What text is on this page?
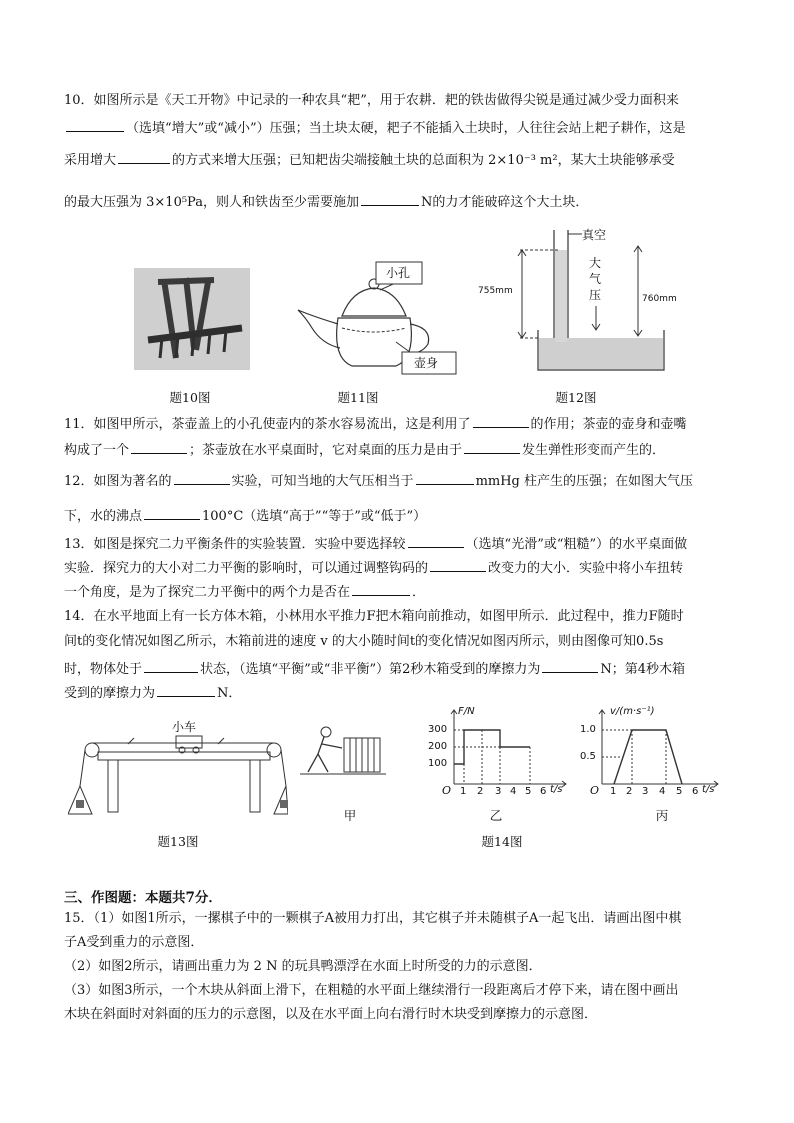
10．如图所示是《天工开物》中记录的一种农具“耙”，用于农耕．耙的铁齿做得尖锐是通过减少受力面积来
（选填“增大”或“减小”）压强；当土块太硬，耙子不能插入土块时，人往往会站上耙子耕作，这是
采用增大	的方式来增大压强；已知耙齿尖端接触土块的总面积为 2×10⁻³ m²，某大土块能够承受
的最大压强为 3×10⁵Pa，则人和铁齿至少需要施加	N的力才能破碎这个大土块．
题10图
小孔
壶身
题11图
真空
大
气
压
755mm
760mm
题12图
11．如图甲所示，茶壶盖上的小孔使壶内的茶水容易流出，这是利用了	的作用；茶壶的壶身和壶嘴
构成了一个	；茶壶放在水平桌面时，它对桌面的压力是由于	发生弹性形变而产生的．
12．如图为著名的	实验，可知当地的大气压相当于	mmHg 柱产生的压强；在如图大气压
下，水的沸点	100°C（选填“高于”“等于”或“低于”）
13．如图是探究二力平衡条件的实验装置．实验中要选择较	（选填“光滑”或“粗糙”）的水平桌面做
实验．探究力的大小对二力平衡的影响时，可以通过调整钩码的	改变力的大小．实验中将小车扭转
一个角度，是为了探究二力平衡中的两个力是否在	．
14．在水平地面上有一长方体木箱，小林用水平推力F把木箱向前推动，如图甲所示．此过程中，推力F随时
间t的变化情况如图乙所示，木箱前进的速度 v 的大小随时间t的变化情况如图丙所示，则由图像可知0.5s
时，物体处于	状态，（选填“平衡”或“非平衡”）第2秒木箱受到的摩擦力为	N；第4秒木箱
受到的摩擦力为	N．
小车
题13图
甲
F/N
300
200
100
O 1 2 3 4 5 6 t/s
乙
v/(m·s⁻¹)
1.0
0.5
O 1 2 3 4 5 6 t/s
丙
题14图
三、作图题：本题共7分．
15．（1）如图1所示，一摞棋子中的一颗棋子A被用力打出，其它棋子并未随棋子A一起飞出．请画出图中棋
子A受到重力的示意图．
（2）如图2所示，请画出重力为 2 N 的玩具鸭漂浮在水面上时所受的力的示意图．
（3）如图3所示，一个木块从斜面上滑下，在粗糙的水平面上继续滑行一段距离后才停下来，请在图中画出
木块在斜面时对斜面的压力的示意图，以及在水平面上向右滑行时木块受到摩擦力的示意图．
